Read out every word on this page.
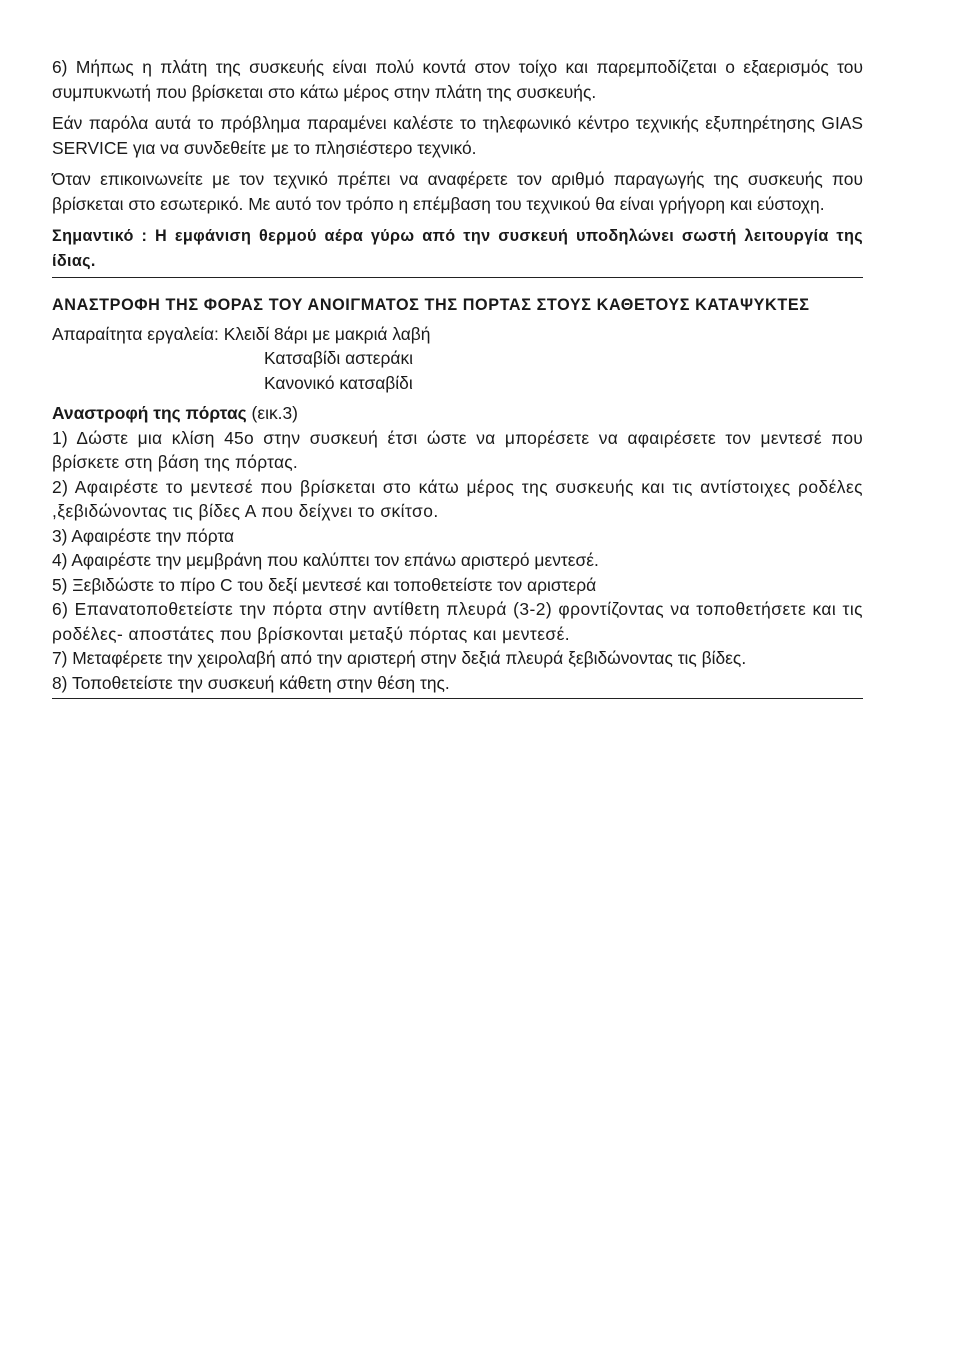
6) Μήπως η πλάτη της συσκευής είναι πολύ κοντά στον τοίχο και παρεμποδίζεται ο εξαερισμός του συμπυκνωτή που βρίσκεται στο κάτω μέρος στην πλάτη της συσκευής.

Εάν παρόλα αυτά το πρόβλημα παραμένει καλέστε το τηλεφωνικό κέντρο τεχνικής εξυπηρέτησης GIAS SERVICE για να συνδεθείτε με το πλησιέστερο τεχνικό.

Όταν επικοινωνείτε με τον τεχνικό πρέπει να αναφέρετε τον αριθμό παραγωγής της συσκευής που βρίσκεται στο εσωτερικό. Με αυτό τον τρόπο η επέμβαση του τεχνικού θα είναι γρήγορη και εύστοχη.

Σημαντικό : Η εμφάνιση θερμού αέρα γύρω από την συσκευή υποδηλώνει σωστή λειτουργία της ίδιας.

ΑΝΑΣΤΡΟΦΗ ΤΗΣ ΦΟΡΑΣ ΤΟΥ ΑΝΟΙΓΜΑΤΟΣ ΤΗΣ ΠΟΡΤΑΣ ΣΤΟΥΣ ΚΑΘΕΤΟΥΣ ΚΑΤΑΨΥΚΤΕΣ

Απαραίτητα εργαλεία: Κλειδί 8άρι με μακριά λαβή
Κατσαβίδι αστεράκι
Κανονικό κατσαβίδι

Αναστροφή της πόρτας (εικ.3)

1) Δώστε μια κλίση 45ο στην συσκευή έτσι ώστε να μπορέσετε να αφαιρέσετε τον μεντεσέ που βρίσκετε στη βάση της πόρτας.

2) Αφαιρέστε το μεντεσέ που βρίσκεται στο κάτω μέρος της συσκευής και τις αντίστοιχες ροδέλες ,ξεβιδώνοντας τις βίδες Α που δείχνει το σκίτσο.

3) Αφαιρέστε την πόρτα

4) Αφαιρέστε την μεμβράνη που καλύπτει τον επάνω αριστερό μεντεσέ.

5) Ξεβιδώστε το πίρο C του δεξί μεντεσέ και τοποθετείστε τον αριστερά

6) Επανατοποθετείστε την πόρτα στην αντίθετη πλευρά (3-2) φροντίζοντας να τοποθετήσετε και τις ροδέλες- αποστάτες που βρίσκονται μεταξύ πόρτας και μεντεσέ.

7) Μεταφέρετε την χειρολαβή από την αριστερή στην δεξιά πλευρά ξεβιδώνοντας τις βίδες.

8) Τοποθετείστε την συσκευή κάθετη στην θέση της.
